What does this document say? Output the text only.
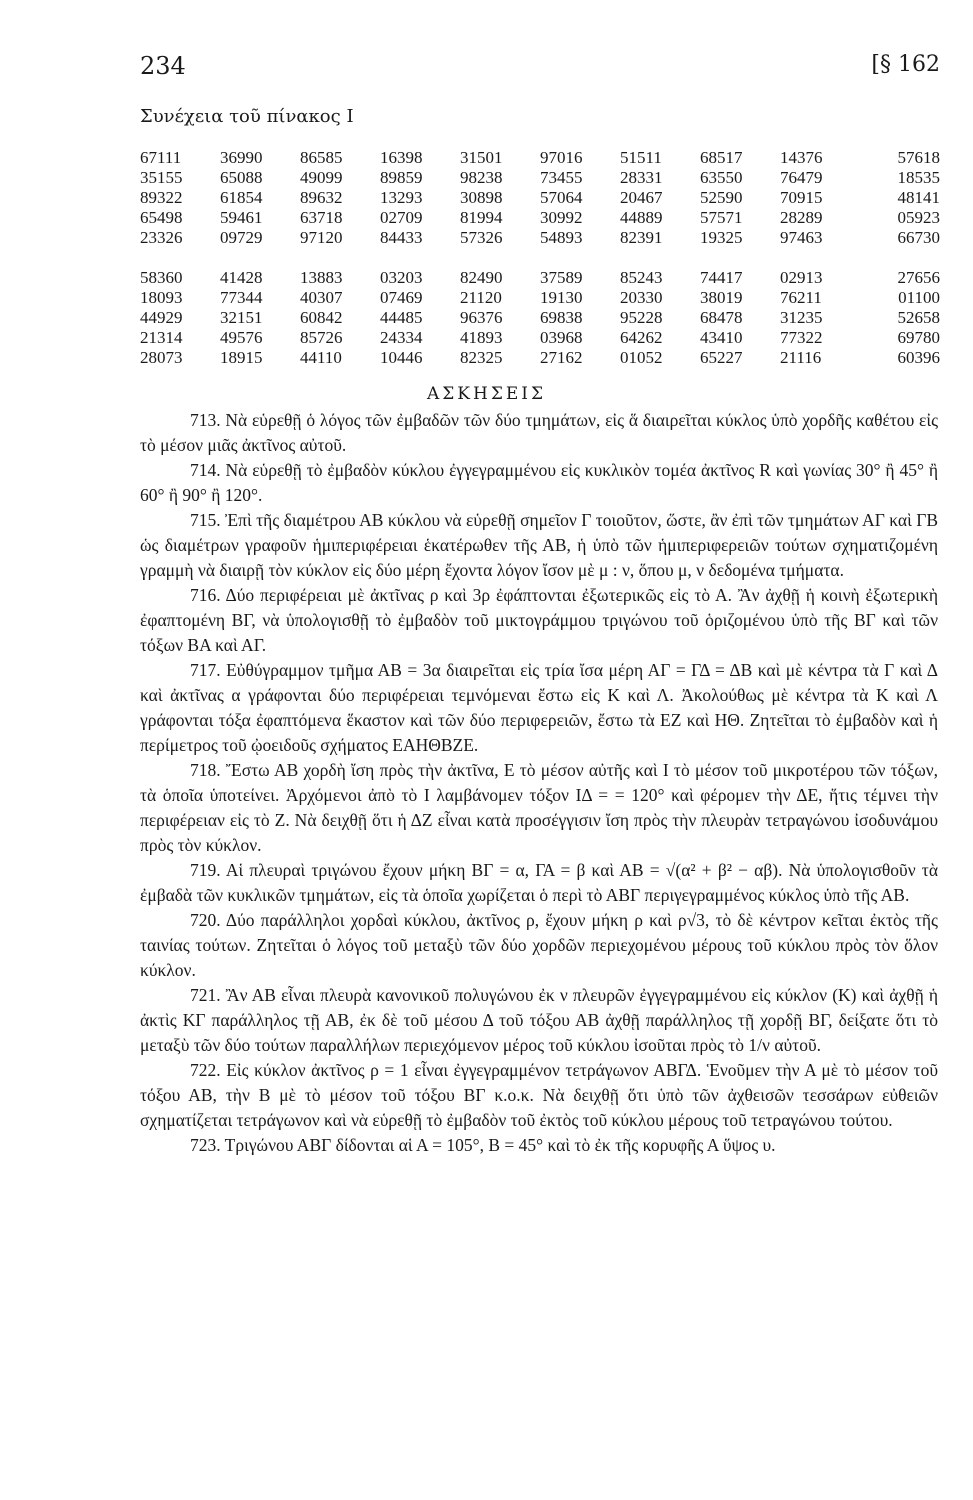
234	[§ 162
Συνέχεια τοῦ πίνακος I
67111	36990	86585	16398	31501	97016	51511	68517	14376	57618
35155	65088	49099	89859	98238	73455	28331	63550	76479	18535
89322	61854	89632	13293	30898	57064	20467	52590	70915	48141
65498	59461	63718	02709	81994	30992	44889	57571	28289	05923
23326	09729	97120	84433	57326	54893	82391	19325	97463	66730
58360	41428	13883	03203	82490	37589	85243	74417	02913	27656
18093	77344	40307	07469	21120	19130	20330	38019	76211	01100
44929	32151	60842	44485	96376	69838	95228	68478	31235	52658
21314	49576	85726	24334	41893	03968	64262	43410	77322	69780
28073	18915	44110	10446	82325	27162	01052	65227	21116	60396
ΑΣΚΗΣΕΙΣ

713. Νὰ εὑρεθῇ ὁ λόγος τῶν ἐμβαδῶν τῶν δύο τμημάτων, εἰς ἅ διαιρεῖται κύκλος ὑπὸ χορδῆς καθέτου εἰς τὸ μέσον μιᾶς ἀκτῖνος αὐτοῦ.

714. Νὰ εὑρεθῇ τὸ ἐμβαδὸν κύκλου ἐγγεγραμμένου εἰς κυκλικὸν τομέα ἀκτῖνος R καὶ γωνίας 30° ἢ 45° ἢ 60° ἢ 90° ἢ 120°.

715. Ἐπὶ τῆς διαμέτρου ΑΒ κύκλου νὰ εὑρεθῇ σημεῖον Γ τοιοῦτον, ὥστε, ἂν ἐπὶ τῶν τμημάτων ΑΓ καὶ ΓΒ ὡς διαμέτρων γραφοῦν ἡμιπεριφέρειαι ἑκατέρωθεν τῆς ΑΒ, ἡ ὑπὸ τῶν ἡμιπεριφερειῶν τούτων σχηματιζομένη γραμμὴ νὰ διαιρῇ τὸν κύκλον εἰς δύο μέρη ἔχοντα λόγον ἴσον μὲ μ : ν, ὅπου μ, ν δεδομένα τμήματα.

716. Δύο περιφέρειαι μὲ ἀκτῖνας ρ καὶ 3ρ ἐφάπτονται ἐξωτερικῶς εἰς τὸ Α. Ἂν ἀχθῇ ἡ κοινὴ ἐξωτερικὴ ἐφαπτομένη ΒΓ, νὰ ὑπολογισθῇ τὸ ἐμβαδὸν τοῦ μικτογράμμου τριγώνου τοῦ ὁριζομένου ὑπὸ τῆς ΒΓ καὶ τῶν τόξων ΒΑ καὶ ΑΓ.

717. Εὐθύγραμμον τμῆμα ΑΒ = 3α διαιρεῖται εἰς τρία ἴσα μέρη ΑΓ = ΓΔ = ΔΒ καὶ μὲ κέντρα τὰ Γ καὶ Δ καὶ ἀκτῖνας α γράφονται δύο περιφέρειαι τεμνόμεναι ἔστω εἰς Κ καὶ Λ. Ἀκολούθως μὲ κέντρα τὰ Κ καὶ Λ γράφονται τόξα ἐφαπτόμενα ἕκαστον καὶ τῶν δύο περιφερειῶν, ἔστω τὰ ΕΖ καὶ ΗΘ. Ζητεῖται τὸ ἐμβαδὸν καὶ ἡ περίμετρος τοῦ ᾠοειδοῦς σχήματος ΕΑΗΘΒΖΕ.

718. Ἔστω ΑΒ χορδὴ ἴση πρὸς τὴν ἀκτῖνα, Ε τὸ μέσον αὐτῆς καὶ Ι τὸ μέσον τοῦ μικροτέρου τῶν τόξων, τὰ ὁποῖα ὑποτείνει. Ἀρχόμενοι ἀπὸ τὸ Ι λαμβάνομεν τόξον ΙΔ = = 120° καὶ φέρομεν τὴν ΔΕ, ἥτις τέμνει τὴν περιφέρειαν εἰς τὸ Ζ. Νὰ δειχθῇ ὅτι ἡ ΔΖ εἶναι κατὰ προσέγγισιν ἴση πρὸς τὴν πλευρὰν τετραγώνου ἰσοδυνάμου πρὸς τὸν κύκλον.

719. Αἱ πλευραὶ τριγώνου ἔχουν μήκη ΒΓ = α, ΓΑ = β καὶ ΑΒ = √(α² + β² − αβ). Νὰ ὑπολογισθοῦν τὰ ἐμβαδὰ τῶν κυκλικῶν τμημάτων, εἰς τὰ ὁποῖα χωρίζεται ὁ περὶ τὸ ΑΒΓ περιγεγραμμένος κύκλος ὑπὸ τῆς ΑΒ.

720. Δύο παράλληλοι χορδαὶ κύκλου, ἀκτῖνος ρ, ἔχουν μήκη ρ καὶ ρ√3, τὸ δὲ κέντρον κεῖται ἐκτὸς τῆς ταινίας τούτων. Ζητεῖται ὁ λόγος τοῦ μεταξὺ τῶν δύο χορδῶν περιεχομένου μέρους τοῦ κύκλου πρὸς τὸν ὅλον κύκλον.

721. Ἂν ΑΒ εἶναι πλευρὰ κανονικοῦ πολυγώνου ἐκ ν πλευρῶν ἐγγεγραμμένου εἰς κύκλον (Κ) καὶ ἀχθῇ ἡ ἀκτὶς ΚΓ παράλληλος τῇ ΑΒ, ἐκ δὲ τοῦ μέσου Δ τοῦ τόξου ΑΒ ἀχθῇ παράλληλος τῇ χορδῇ ΒΓ, δείξατε ὅτι τὸ μεταξὺ τῶν δύο τούτων παραλλήλων περιεχόμενον μέρος τοῦ κύκλου ἰσοῦται πρὸς τὸ 1/ν αὐτοῦ.

722. Εἰς κύκλον ἀκτῖνος ρ = 1 εἶναι ἐγγεγραμμένον τετράγωνον ΑΒΓΔ. Ἑνοῦμεν τὴν Α μὲ τὸ μέσον τοῦ τόξου ΑΒ, τὴν Β μὲ τὸ μέσον τοῦ τόξου ΒΓ κ.ο.κ. Νὰ δειχθῇ ὅτι ὑπὸ τῶν ἀχθεισῶν τεσσάρων εὐθειῶν σχηματίζεται τετράγωνον καὶ νὰ εὑρεθῇ τὸ ἐμβαδὸν τοῦ ἐκτὸς τοῦ κύκλου μέρους τοῦ τετραγώνου τούτου.

723. Τριγώνου ΑΒΓ δίδονται αἱ Α = 105°, Β = 45° καὶ τὸ ἐκ τῆς κορυφῆς Α ὕψος υ.
